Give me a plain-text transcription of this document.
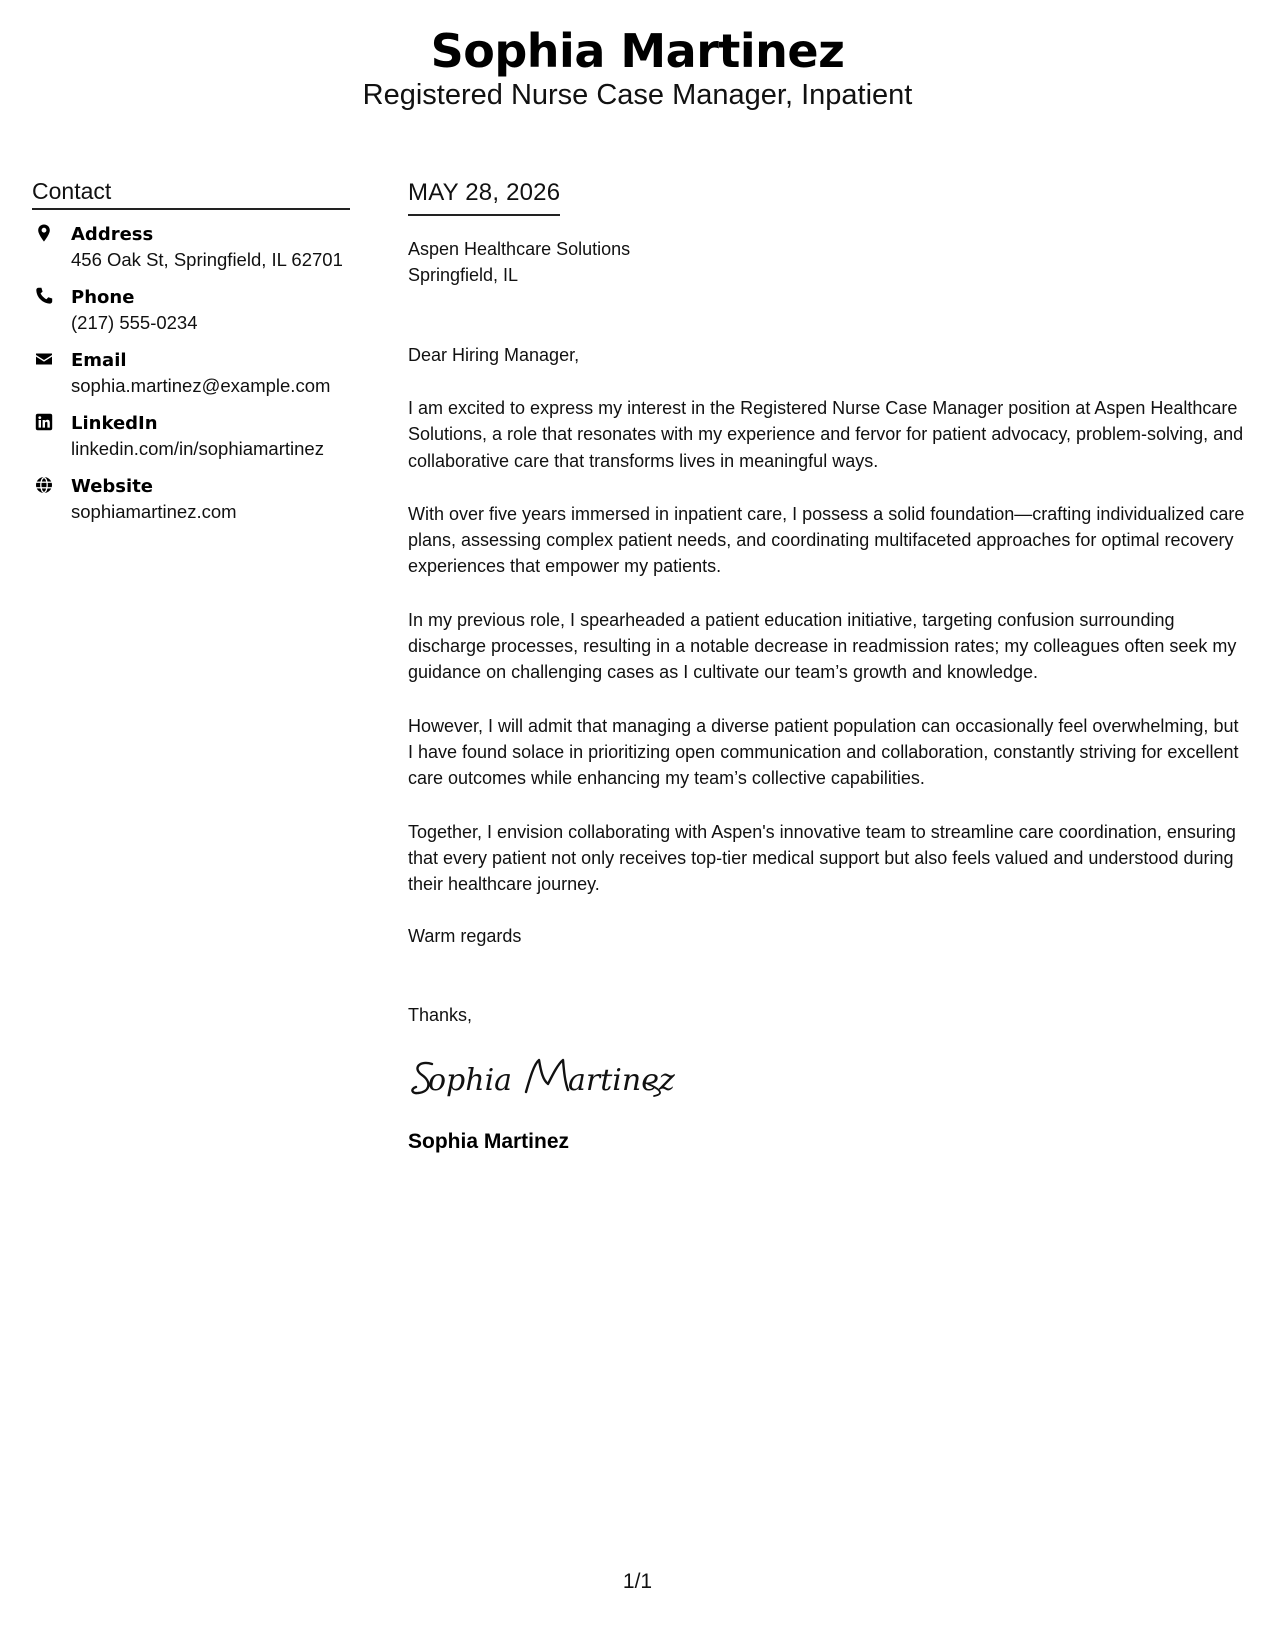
Sophia Martinez
Registered Nurse Case Manager, Inpatient
Contact
Address
456 Oak St, Springfield, IL 62701
Phone
(217) 555-0234
Email
sophia.martinez@example.com
LinkedIn
linkedin.com/in/sophiamartinez
Website
sophiamartinez.com
MAY 28, 2026
Aspen Healthcare Solutions
Springfield, IL
Dear Hiring Manager,
I am excited to express my interest in the Registered Nurse Case Manager position at Aspen Healthcare Solutions, a role that resonates with my experience and fervor for patient advocacy, problem-solving, and collaborative care that transforms lives in meaningful ways.
With over five years immersed in inpatient care, I possess a solid foundation—crafting individualized care plans, assessing complex patient needs, and coordinating multifaceted approaches for optimal recovery experiences that empower my patients.
In my previous role, I spearheaded a patient education initiative, targeting confusion surrounding discharge processes, resulting in a notable decrease in readmission rates; my colleagues often seek my guidance on challenging cases as I cultivate our team’s growth and knowledge.
However, I will admit that managing a diverse patient population can occasionally feel overwhelming, but I have found solace in prioritizing open communication and collaboration, constantly striving for excellent care outcomes while enhancing my team’s collective capabilities.
Together, I envision collaborating with Aspen's innovative team to streamline care coordination, ensuring that every patient not only receives top-tier medical support but also feels valued and understood during their healthcare journey.
Warm regards
Thanks,
ophia artinez
Sophia Martinez
1/1
